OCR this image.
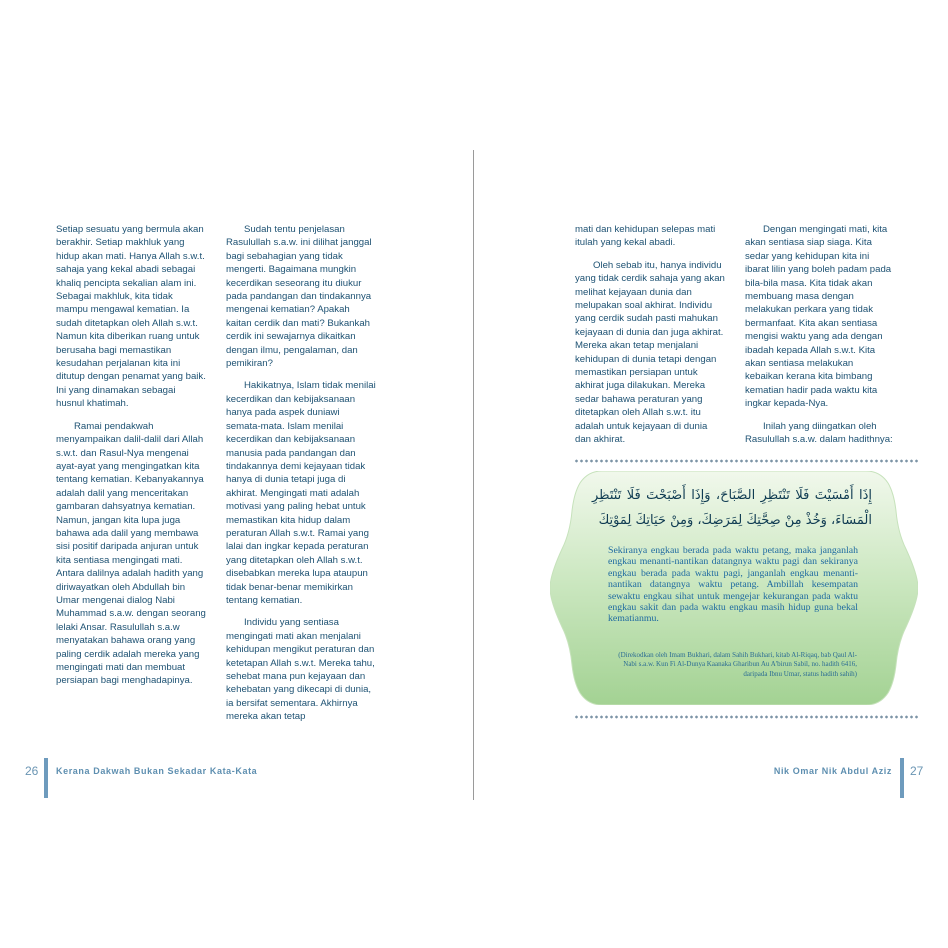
Setiap sesuatu yang bermula akan berakhir. Setiap makhluk yang hidup akan mati. Hanya Allah s.w.t. sahaja yang kekal abadi sebagai khaliq pencipta sekalian alam ini. Sebagai makhluk, kita tidak mampu mengawal kematian. Ia sudah ditetapkan oleh Allah s.w.t. Namun kita diberikan ruang untuk berusaha bagi memastikan kesudahan perjalanan kita ini ditutup dengan penamat yang baik. Ini yang dinamakan sebagai husnul khatimah.

Ramai pendakwah menyampaikan dalil-dalil dari Allah s.w.t. dan Rasul-Nya mengenai ayat-ayat yang mengingatkan kita tentang kematian. Kebanyakannya adalah dalil yang menceritakan gambaran dahsyatnya kematian. Namun, jangan kita lupa juga bahawa ada dalil yang membawa sisi positif daripada anjuran untuk kita sentiasa mengingati mati. Antara dalilnya adalah hadith yang diriwayatkan oleh Abdullah bin Umar mengenai dialog Nabi Muhammad s.a.w. dengan seorang lelaki Ansar. Rasulullah s.a.w menyatakan bahawa orang yang paling cerdik adalah mereka yang mengingati mati dan membuat persiapan bagi menghadapinya.

Sudah tentu penjelasan Rasulullah s.a.w. ini dilihat janggal bagi sebahagian yang tidak mengerti. Bagaimana mungkin kecerdikan seseorang itu diukur pada pandangan dan tindakannya mengenai kematian? Apakah kaitan cerdik dan mati? Bukankah cerdik ini sewajarnya dikaitkan dengan ilmu, pengalaman, dan pemikiran?

Hakikatnya, Islam tidak menilai kecerdikan dan kebijaksanaan hanya pada aspek duniawi semata-mata. Islam menilai kecerdikan dan kebijaksanaan manusia pada pandangan dan tindakannya demi kejayaan tidak hanya di dunia tetapi juga di akhirat. Mengingati mati adalah motivasi yang paling hebat untuk memastikan kita hidup dalam peraturan Allah s.w.t. Ramai yang lalai dan ingkar kepada peraturan yang ditetapkan oleh Allah s.w.t. disebabkan mereka lupa ataupun tidak benar-benar memikirkan tentang kematian.

Individu yang sentiasa mengingati mati akan menjalani kehidupan mengikut peraturan dan ketetapan Allah s.w.t. Mereka tahu, sehebat mana pun kejayaan dan kehebatan yang dikecapi di dunia, ia bersifat sementara. Akhirnya mereka akan tetap

mati dan kehidupan selepas mati itulah yang kekal abadi.

Oleh sebab itu, hanya individu yang tidak cerdik sahaja yang akan melihat kejayaan dunia dan melupakan soal akhirat. Individu yang cerdik sudah pasti mahukan kejayaan di dunia dan juga akhirat. Mereka akan tetap menjalani kehidupan di dunia tetapi dengan memastikan persiapan untuk akhirat juga dilakukan. Mereka sedar bahawa peraturan yang ditetapkan oleh Allah s.w.t. itu adalah untuk kejayaan di dunia dan akhirat.

Dengan mengingati mati, kita akan sentiasa siap siaga. Kita sedar yang kehidupan kita ini ibarat lilin yang boleh padam pada bila-bila masa. Kita tidak akan membuang masa dengan melakukan perkara yang tidak bermanfaat. Kita akan sentiasa mengisi waktu yang ada dengan ibadah kepada Allah s.w.t. Kita akan sentiasa melakukan kebaikan kerana kita bimbang kematian hadir pada waktu kita ingkar kepada-Nya.

Inilah yang diingatkan oleh Rasulullah s.a.w. dalam hadithnya:

إِذَا أَمْسَيْتَ فَلَا تَنْتَظِرِ الصَّبَاحَ، وَإِذَا أَصْبَحْتَ فَلَا تَنْتَظِرِ الْمَسَاءَ، وَخُذْ مِنْ صِحَّتِكَ لِمَرَضِكَ، وَمِنْ حَيَاتِكَ لِمَوْتِكَ
Sekiranya engkau berada pada waktu petang, maka janganlah engkau menanti-nantikan datangnya waktu pagi dan sekiranya engkau berada pada waktu pagi, janganlah engkau menanti-nantikan datangnya waktu petang. Ambillah kesempatan sewaktu engkau sihat untuk mengejar kekurangan pada waktu engkau sakit dan pada waktu engkau masih hidup guna bekal kematianmu.
(Direkodkan oleh Imam Bukhari, dalam Sahih Bukhari, kitab Al-Riqaq, bab Qaul Al-Nabi s.a.w. Kun Fi Al-Dunya Kaanaka Gharibun Au A'birun Sabil, no. hadith 6416, daripada Ibnu Umar, status hadith sahih)
26 Kerana Dakwah Bukan Sekadar Kata-Kata	Nik Omar Nik Abdul Aziz 27
